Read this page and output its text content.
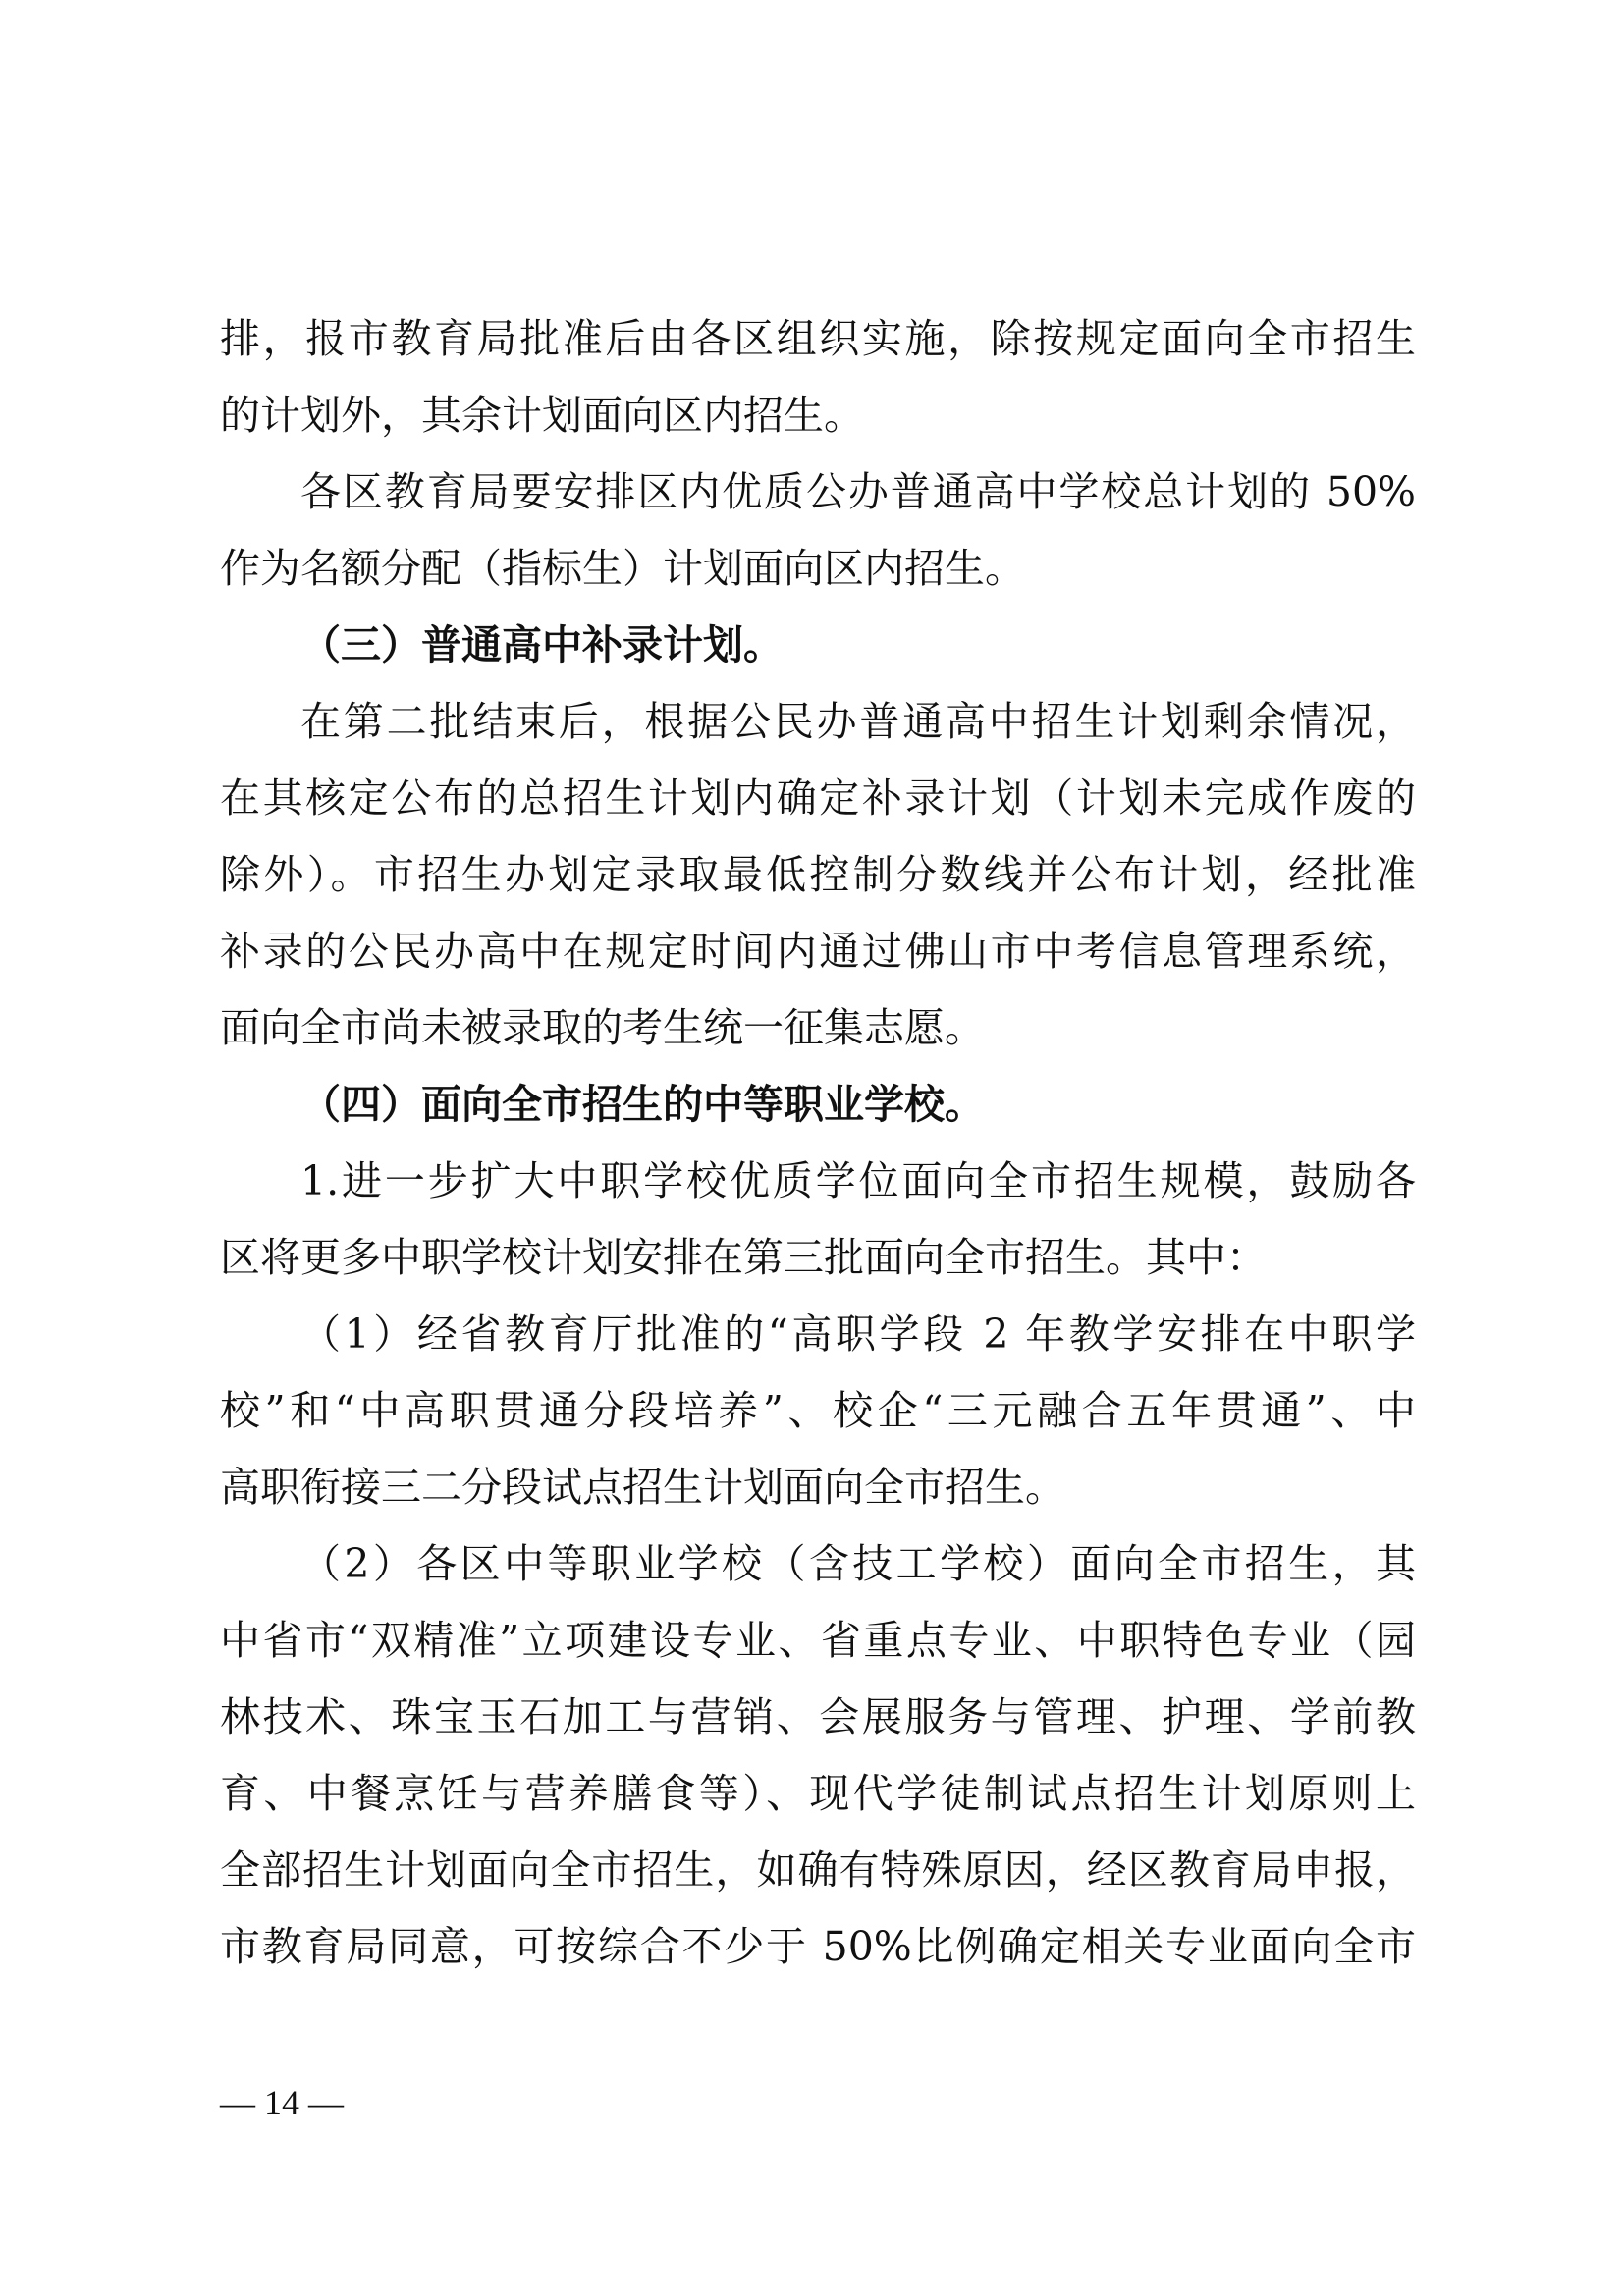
排，报市教育局批准后由各区组织实施，除按规定面向全市招生
的计划外，其余计划面向区内招生。
各区教育局要安排区内优质公办普通高中学校总计划的 50%
作为名额分配（指标生）计划面向区内招生。
（三）普通高中补录计划。
在第二批结束后，根据公民办普通高中招生计划剩余情况，
在其核定公布的总招生计划内确定补录计划（计划未完成作废的
除外）。市招生办划定录取最低控制分数线并公布计划，经批准
补录的公民办高中在规定时间内通过佛山市中考信息管理系统，
面向全市尚未被录取的考生统一征集志愿。
（四）面向全市招生的中等职业学校。
1.进一步扩大中职学校优质学位面向全市招生规模，鼓励各
区将更多中职学校计划安排在第三批面向全市招生。其中：
（1）经省教育厅批准的“高职学段 2 年教学安排在中职学
校”和“中高职贯通分段培养”、校企“三元融合五年贯通”、中
高职衔接三二分段试点招生计划面向全市招生。
（2）各区中等职业学校（含技工学校）面向全市招生，其
中省市“双精准”立项建设专业、省重点专业、中职特色专业（园
林技术、珠宝玉石加工与营销、会展服务与管理、护理、学前教
育、中餐烹饪与营养膳食等）、现代学徒制试点招生计划原则上
全部招生计划面向全市招生，如确有特殊原因，经区教育局申报，
市教育局同意，可按综合不少于 50%比例确定相关专业面向全市
— 14 —
